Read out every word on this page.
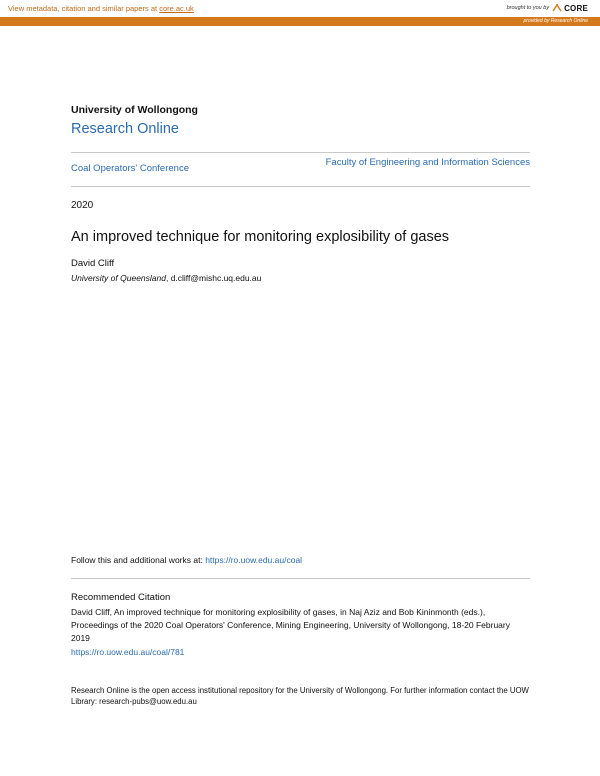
View metadata, citation and similar papers at core.ac.uk	brought to you by CORE
provided by Research Online
University of Wollongong
Research Online
Coal Operators' Conference
Faculty of Engineering and Information Sciences
2020
An improved technique for monitoring explosibility of gases
David Cliff
University of Queensland, d.cliff@mishc.uq.edu.au
Follow this and additional works at: https://ro.uow.edu.au/coal
Recommended Citation
David Cliff, An improved technique for monitoring explosibility of gases, in Naj Aziz and Bob Kininmonth (eds.), Proceedings of the 2020 Coal Operators' Conference, Mining Engineering, University of Wollongong, 18-20 February 2019
https://ro.uow.edu.au/coal/781
Research Online is the open access institutional repository for the University of Wollongong. For further information contact the UOW Library: research-pubs@uow.edu.au
